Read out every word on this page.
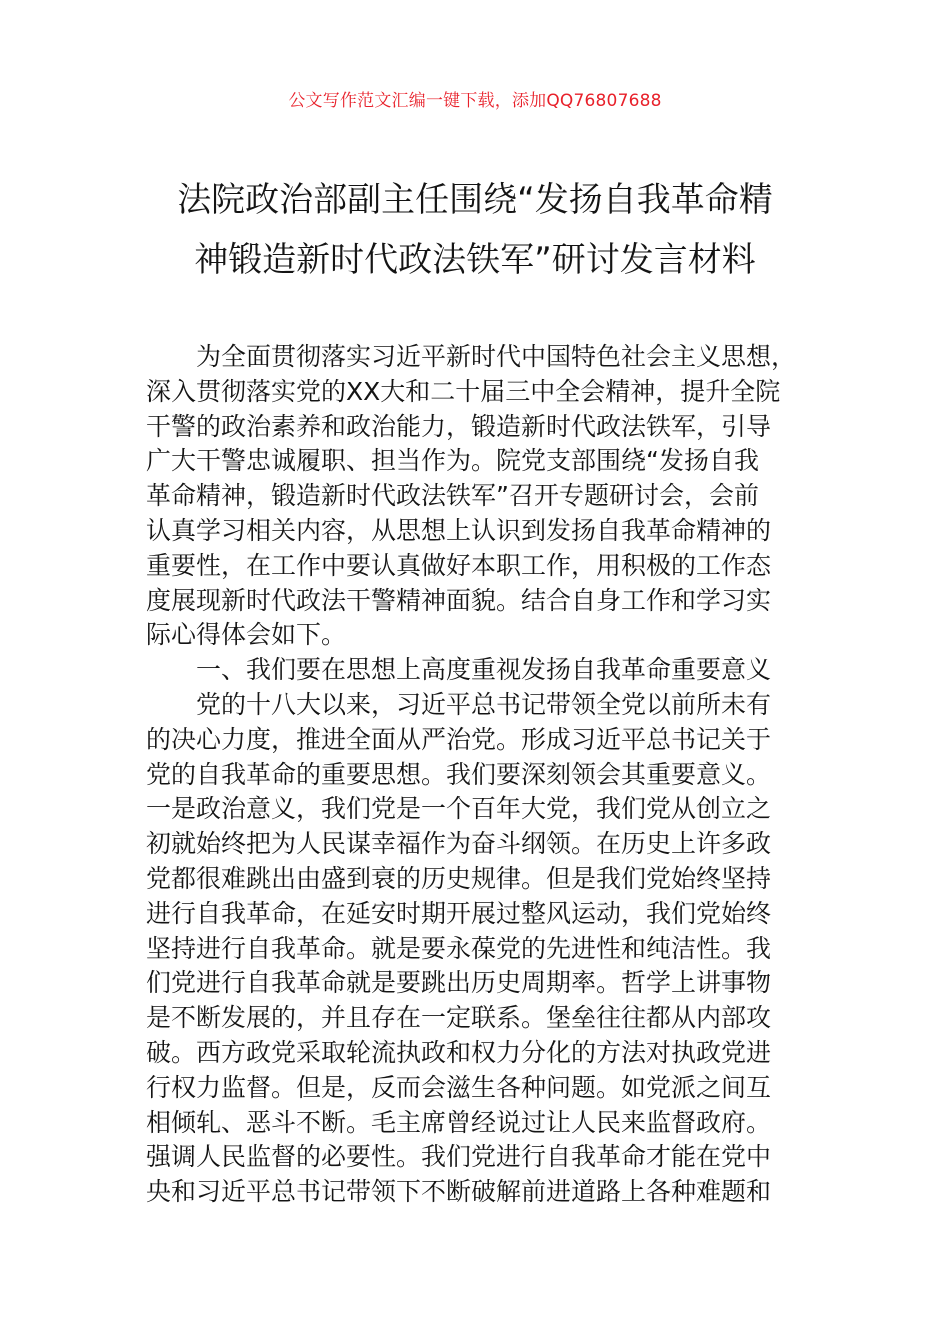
公文写作范文汇编一键下载，添加QQ76807688
法院政治部副主任围绕“发扬自我革命精
神锻造新时代政法铁军”研讨发言材料
为全面贯彻落实习近平新时代中国特色社会主义思想，
深入贯彻落实党的XX大和二十届三中全会精神，提升全院
干警的政治素养和政治能力，锻造新时代政法铁军，引导
广大干警忠诚履职、担当作为。院党支部围绕“发扬自我
革命精神，锻造新时代政法铁军”召开专题研讨会，会前
认真学习相关内容，从思想上认识到发扬自我革命精神的
重要性，在工作中要认真做好本职工作，用积极的工作态
度展现新时代政法干警精神面貌。结合自身工作和学习实
际心得体会如下。
一、我们要在思想上高度重视发扬自我革命重要意义
党的十八大以来，习近平总书记带领全党以前所未有
的决心力度，推进全面从严治党。形成习近平总书记关于
党的自我革命的重要思想。我们要深刻领会其重要意义。
一是政治意义，我们党是一个百年大党，我们党从创立之
初就始终把为人民谋幸福作为奋斗纲领。在历史上许多政
党都很难跳出由盛到衰的历史规律。但是我们党始终坚持
进行自我革命，在延安时期开展过整风运动，我们党始终
坚持进行自我革命。就是要永葆党的先进性和纯洁性。我
们党进行自我革命就是要跳出历史周期率。哲学上讲事物
是不断发展的，并且存在一定联系。堡垒往往都从内部攻
破。西方政党采取轮流执政和权力分化的方法对执政党进
行权力监督。但是，反而会滋生各种问题。如党派之间互
相倾轧、恶斗不断。毛主席曾经说过让人民来监督政府。
强调人民监督的必要性。我们党进行自我革命才能在党中
央和习近平总书记带领下不断破解前进道路上各种难题和
